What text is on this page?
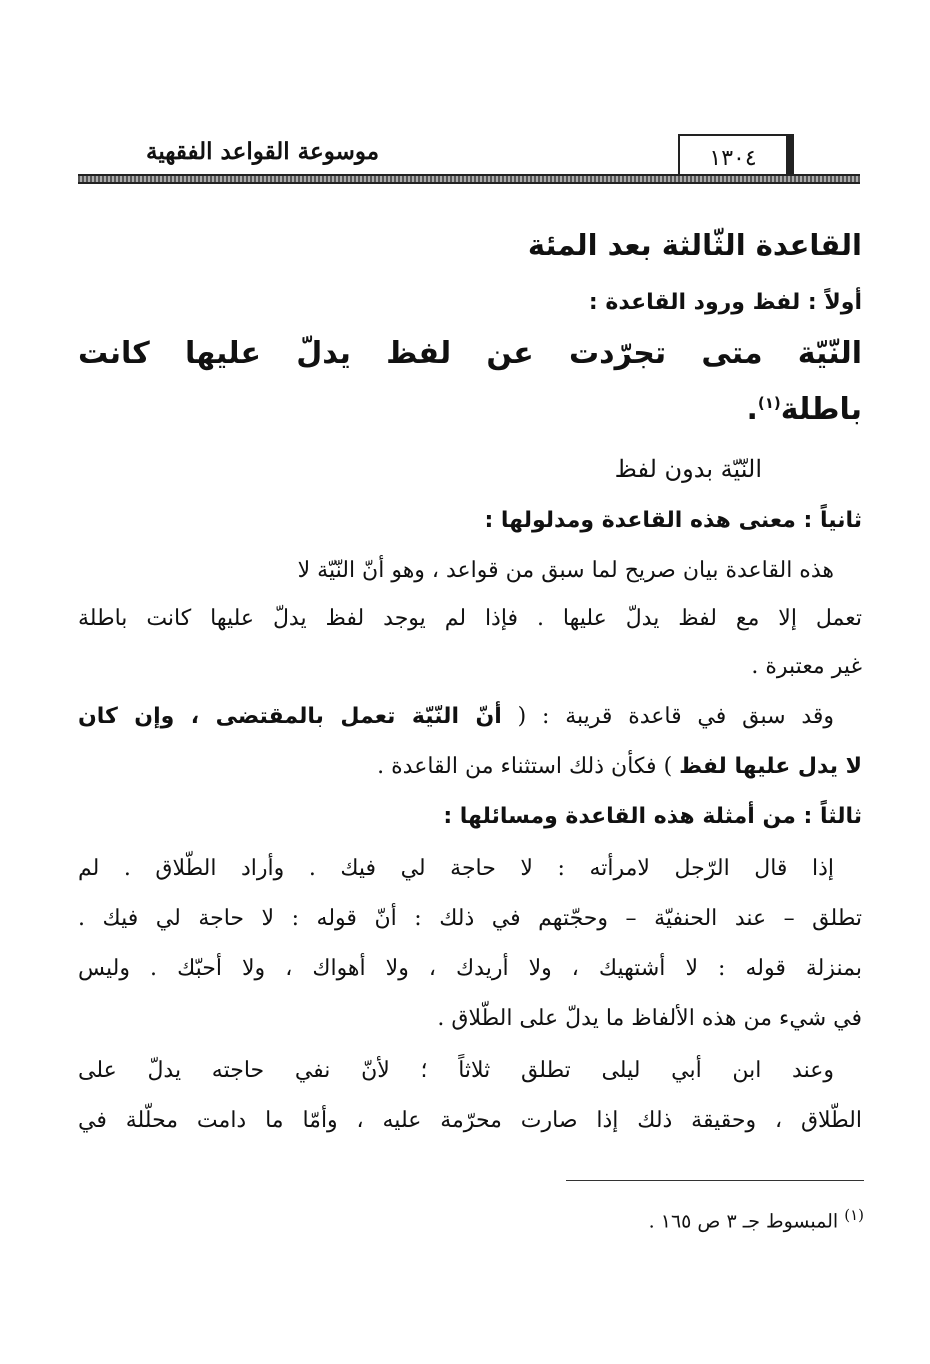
١٣٠٤
موسوعة القواعد الفقهية
القاعدة الثّالثة بعد المئة
أولاً : لفظ ورود القاعدة :
النّيّة متى تجرّدت عن لفظ يدلّ عليها كانت
باطلة$^{(١)}$.
النّيّة بدون لفظ
ثانياً : معنى هذه القاعدة ومدلولها :
هذه القاعدة بيان صريح لما سبق من قواعد ، وهو أنّ النّيّة لا
تعمل إلا مع لفظ يدلّ عليها . فإذا لم يوجد لفظ يدلّ عليها كانت باطلة
غير معتبرة .
وقد سبق في قاعدة قريبة : ( أنّ النّيّة تعمل بالمقتضى ، وإن كان
لا يدل عليها لفظ ) فكأن ذلك استثناء من القاعدة .
ثالثاً : من أمثلة هذه القاعدة ومسائلها :
إذا قال الرّجل لامرأته : لا حاجة لي فيك . وأراد الطّلاق . لم
تطلق – عند الحنفيّة – وحجّتهم في ذلك : أنّ قوله : لا حاجة لي فيك .
بمنزلة قوله : لا أشتهيك ، ولا أريدك ، ولا أهواك ، ولا أحبّك . وليس
في شيء من هذه الألفاظ ما يدلّ على الطّلاق .
وعند ابن أبي ليلى تطلق ثلاثاً ؛ لأنّ نفي حاجته يدلّ على
الطّلاق ، وحقيقة ذلك إذا صارت محرّمة عليه ، وأمّا ما دامت محلّلة في
$^{(١)}$ المبسوط جـ ٣ ص ١٦٥ .
